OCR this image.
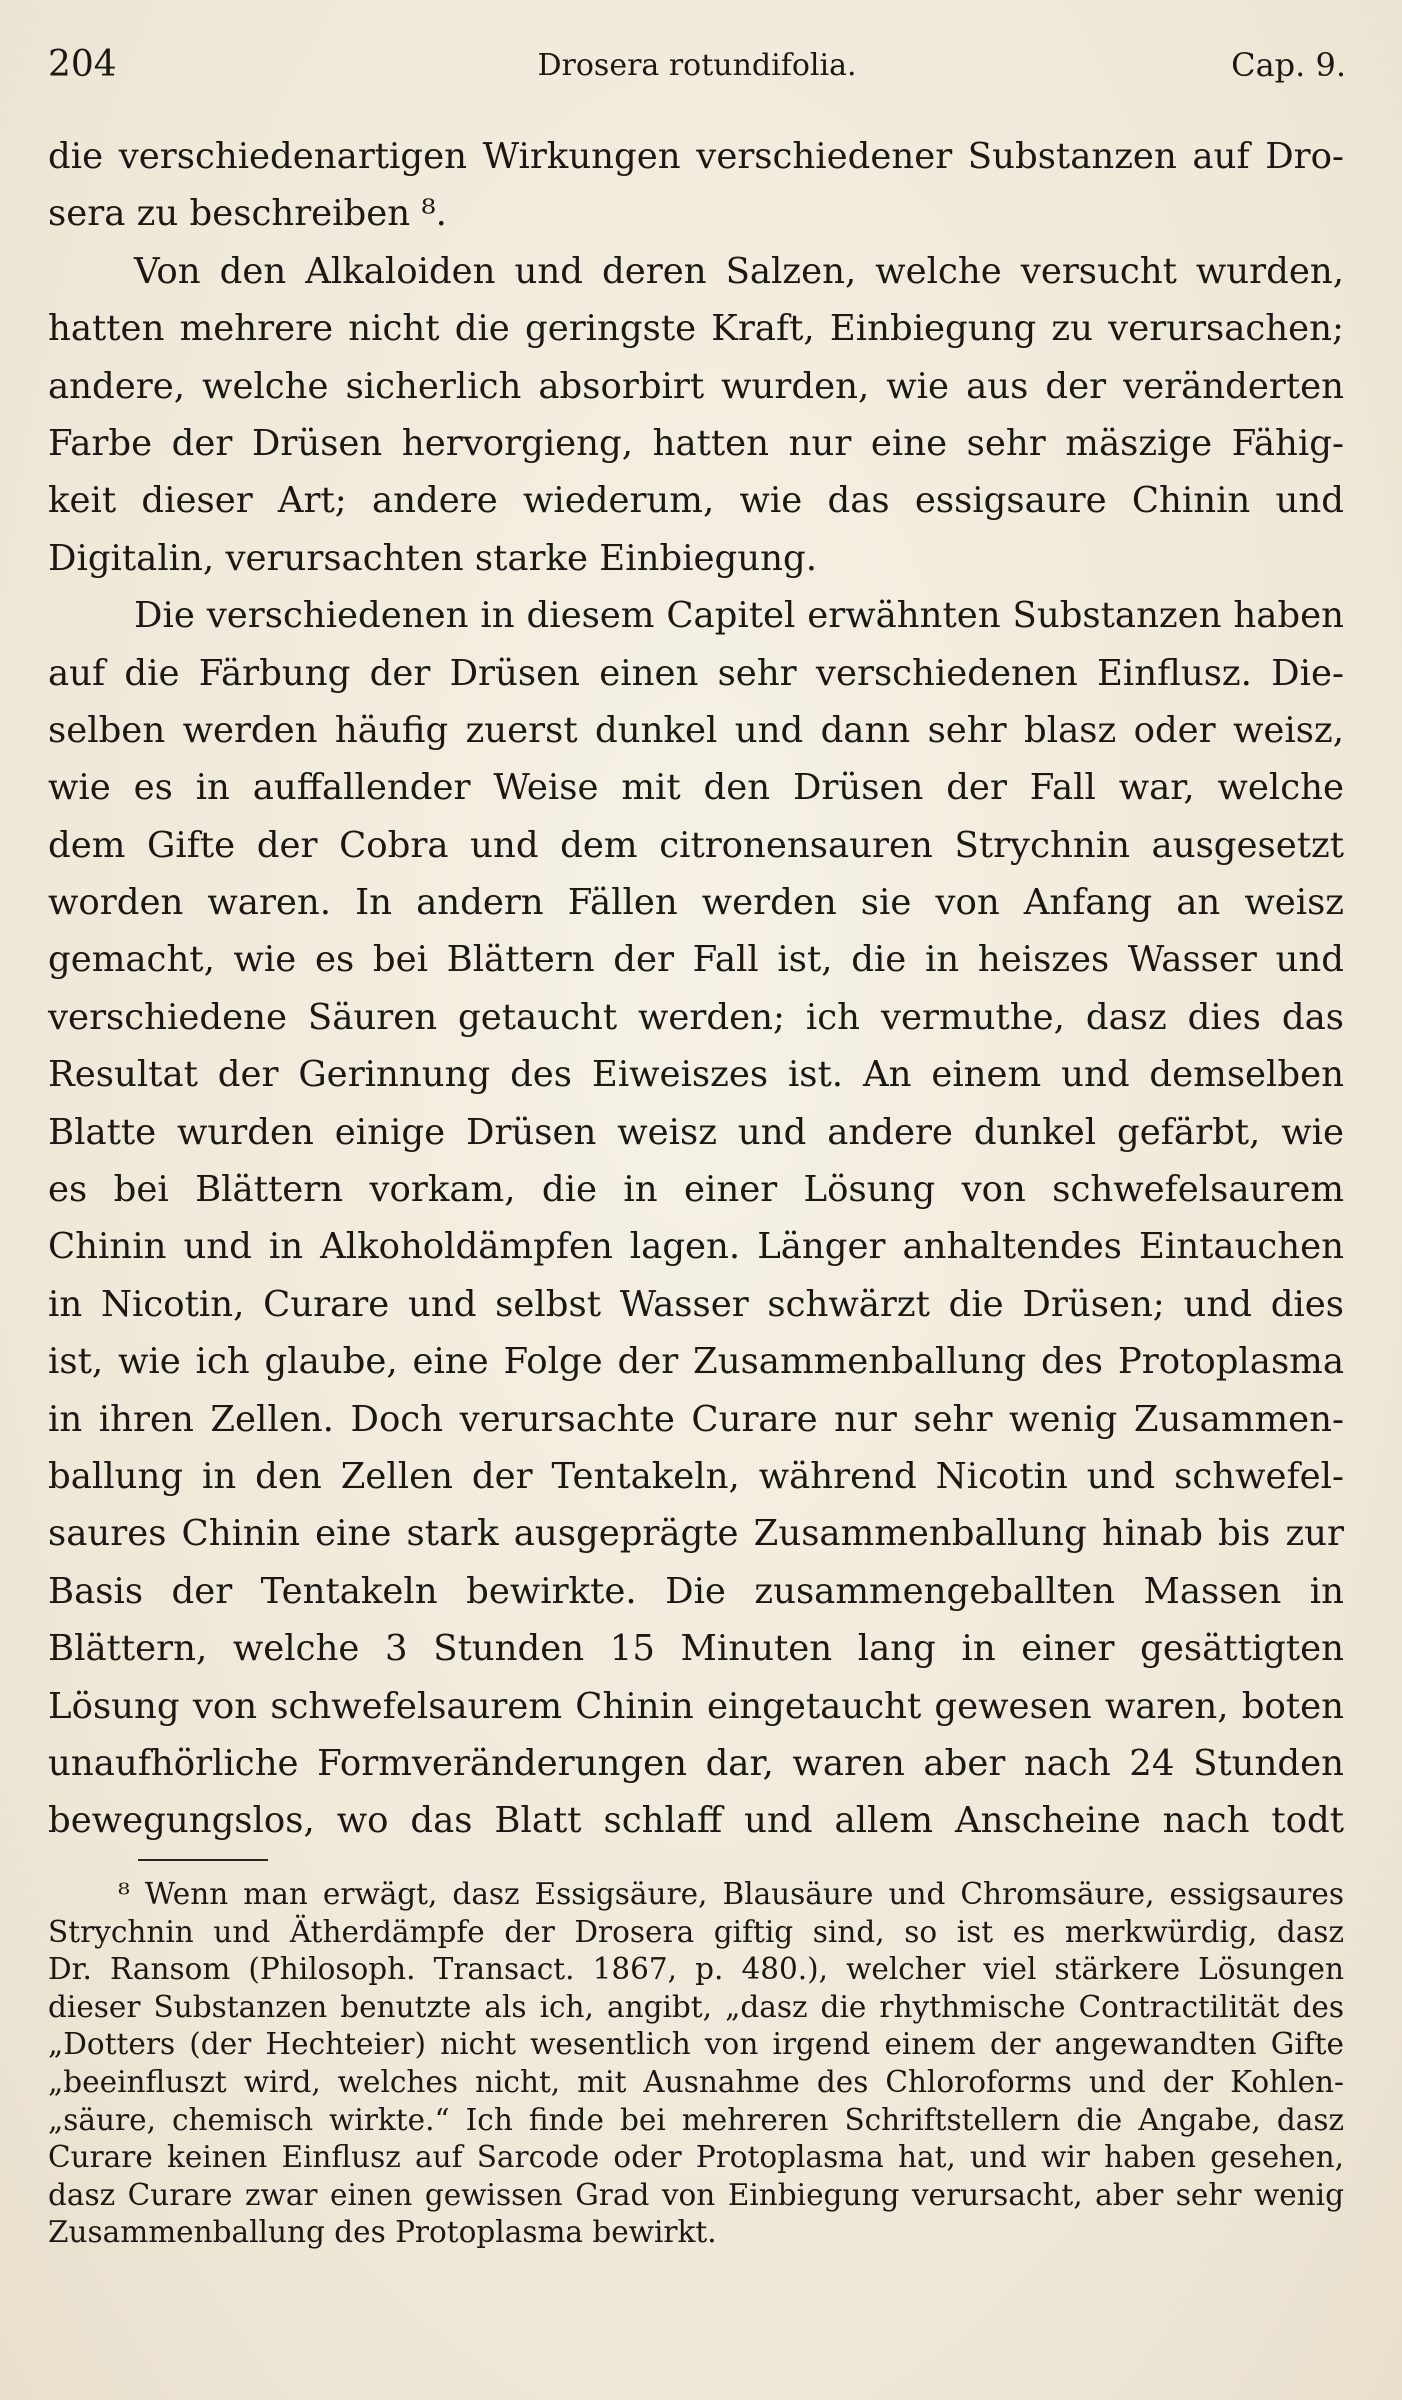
204	Drosera rotundifolia.	Cap. 9.
die verschiedenartigen Wirkungen verschiedener Substanzen auf Dro-
sera zu beschreiben ⁸.
Von den Alkaloiden und deren Salzen, welche versucht wurden,
hatten mehrere nicht die geringste Kraft, Einbiegung zu verursachen;
andere, welche sicherlich absorbirt wurden, wie aus der veränderten
Farbe der Drüsen hervorgieng, hatten nur eine sehr mäszige Fähig-
keit dieser Art; andere wiederum, wie das essigsaure Chinin und
Digitalin, verursachten starke Einbiegung.
Die verschiedenen in diesem Capitel erwähnten Substanzen haben
auf die Färbung der Drüsen einen sehr verschiedenen Einflusz. Die-
selben werden häufig zuerst dunkel und dann sehr blasz oder weisz,
wie es in auffallender Weise mit den Drüsen der Fall war, welche
dem Gifte der Cobra und dem citronensauren Strychnin ausgesetzt
worden waren. In andern Fällen werden sie von Anfang an weisz
gemacht, wie es bei Blättern der Fall ist, die in heiszes Wasser und
verschiedene Säuren getaucht werden; ich vermuthe, dasz dies das
Resultat der Gerinnung des Eiweiszes ist. An einem und demselben
Blatte wurden einige Drüsen weisz und andere dunkel gefärbt, wie
es bei Blättern vorkam, die in einer Lösung von schwefelsaurem
Chinin und in Alkoholdämpfen lagen. Länger anhaltendes Eintauchen
in Nicotin, Curare und selbst Wasser schwärzt die Drüsen; und dies
ist, wie ich glaube, eine Folge der Zusammenballung des Protoplasma
in ihren Zellen. Doch verursachte Curare nur sehr wenig Zusammen-
ballung in den Zellen der Tentakeln, während Nicotin und schwefel-
saures Chinin eine stark ausgeprägte Zusammenballung hinab bis zur
Basis der Tentakeln bewirkte. Die zusammengeballten Massen in
Blättern, welche 3 Stunden 15 Minuten lang in einer gesättigten
Lösung von schwefelsaurem Chinin eingetaucht gewesen waren, boten
unaufhörliche Formveränderungen dar, waren aber nach 24 Stunden
bewegungslos, wo das Blatt schlaff und allem Anscheine nach todt
⁸ Wenn man erwägt, dasz Essigsäure, Blausäure und Chromsäure, essigsaures
Strychnin und Ätherdämpfe der Drosera giftig sind, so ist es merkwürdig, dasz
Dr. Ransom (Philosoph. Transact. 1867, p. 480.), welcher viel stärkere Lösungen
dieser Substanzen benutzte als ich, angibt, „dasz die rhythmische Contractilität des
„Dotters (der Hechteier) nicht wesentlich von irgend einem der angewandten Gifte
„beeinfluszt wird, welches nicht, mit Ausnahme des Chloroforms und der Kohlen-
„säure, chemisch wirkte.“ Ich finde bei mehreren Schriftstellern die Angabe, dasz
Curare keinen Einflusz auf Sarcode oder Protoplasma hat, und wir haben gesehen,
dasz Curare zwar einen gewissen Grad von Einbiegung verursacht, aber sehr wenig
Zusammenballung des Protoplasma bewirkt.
